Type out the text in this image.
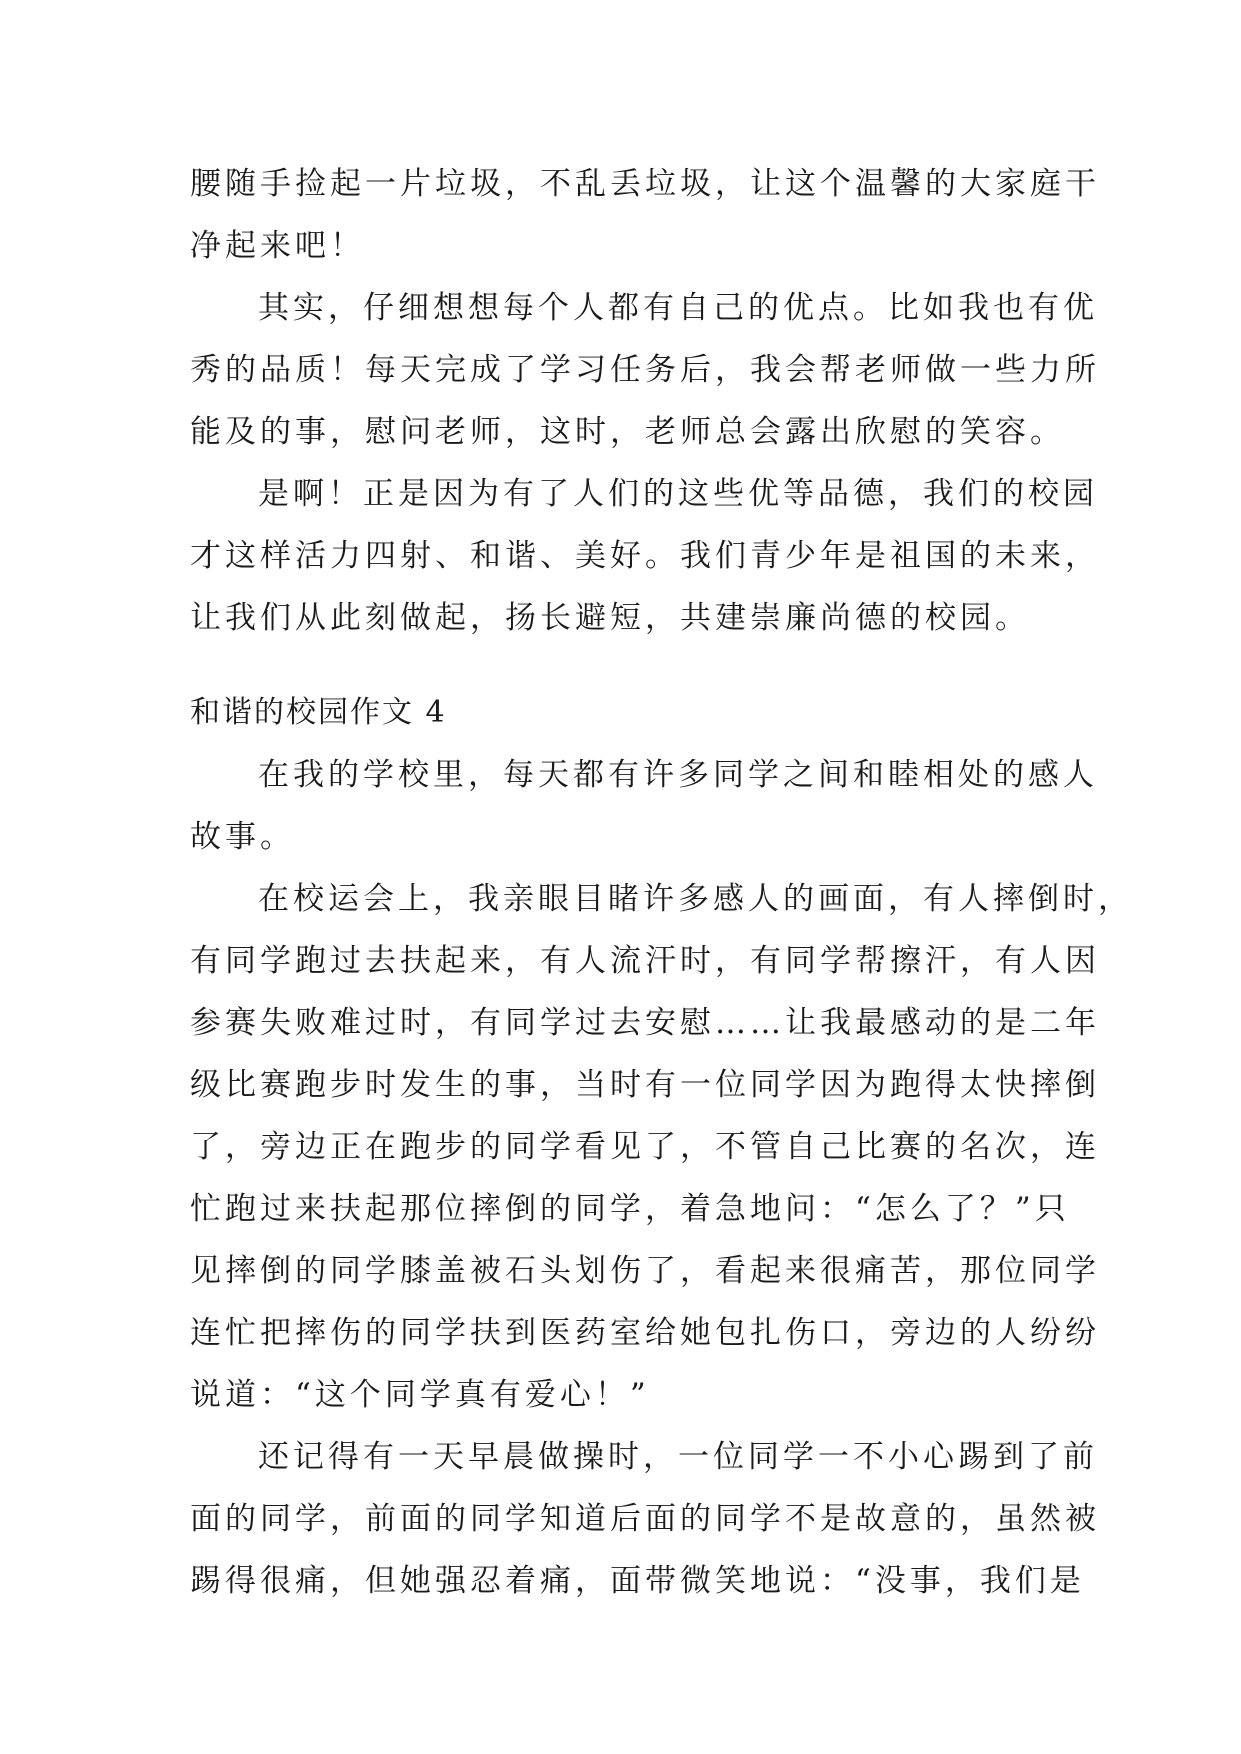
腰随手捡起一片垃圾，不乱丢垃圾，让这个温馨的大家庭干
净起来吧！
其实，仔细想想每个人都有自己的优点。比如我也有优
秀的品质！每天完成了学习任务后，我会帮老师做一些力所
能及的事，慰问老师，这时，老师总会露出欣慰的笑容。
是啊！正是因为有了人们的这些优等品德，我们的校园
才这样活力四射、和谐、美好。我们青少年是祖国的未来，
让我们从此刻做起，扬长避短，共建崇廉尚德的校园。
和谐的校园作文 4
在我的学校里，每天都有许多同学之间和睦相处的感人
故事。
在校运会上，我亲眼目睹许多感人的画面，有人摔倒时，
有同学跑过去扶起来，有人流汗时，有同学帮擦汗，有人因
参赛失败难过时，有同学过去安慰……让我最感动的是二年
级比赛跑步时发生的事，当时有一位同学因为跑得太快摔倒
了，旁边正在跑步的同学看见了，不管自己比赛的名次，连
忙跑过来扶起那位摔倒的同学，着急地问：“怎么了？”只
见摔倒的同学膝盖被石头划伤了，看起来很痛苦，那位同学
连忙把摔伤的同学扶到医药室给她包扎伤口，旁边的人纷纷
说道：“这个同学真有爱心！”
还记得有一天早晨做操时，一位同学一不小心踢到了前
面的同学，前面的同学知道后面的同学不是故意的，虽然被
踢得很痛，但她强忍着痛，面带微笑地说：“没事，我们是
